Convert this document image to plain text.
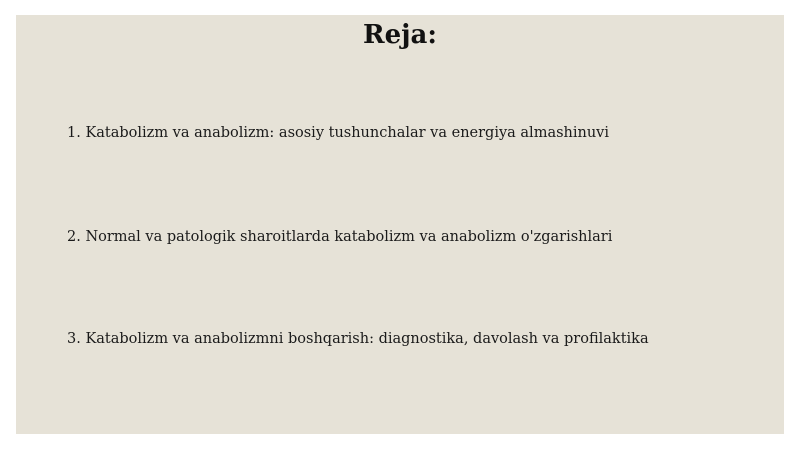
Reja:

1. Katabolizm va anabolizm: asosiy tushunchalar va energiya almashinuvi

2. Normal va patologik sharoitlarda katabolizm va anabolizm o'zgarishlari

3. Katabolizm va anabolizmni boshqarish: diagnostika, davolash va profilaktika
